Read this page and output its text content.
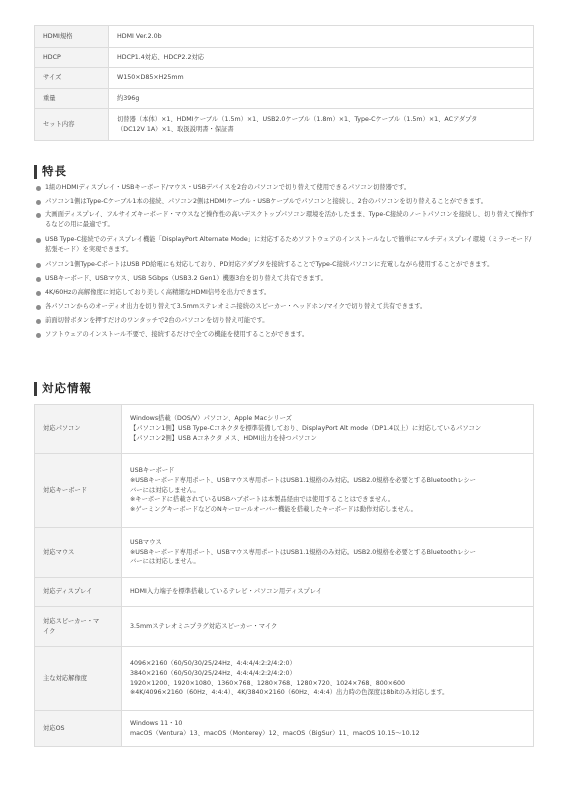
HDMI規格	HDMI Ver.2.0b

HDCP	HDCP1.4対応、HDCP2.2対応

サイズ	W150×D85×H25mm

重量	約396g

セット内容	切替器（本体）×1、HDMIケーブル（1.5m）×1、USB2.0ケーブル（1.8m）×1、Type-Cケーブル（1.5m）×1、ACアダプタ
（DC12V 1A）×1、取扱説明書・保証書
特長
1組のHDMIディスプレイ・USBキーボード/マウス・USBデバイスを2台のパソコンで切り替えて使用できるパソコン切替器です。
パソコン1側はType-Cケーブル1本の接続、パソコン2側はHDMIケーブル・USBケーブルでパソコンと接続し、2台のパソコンを切り替えることができます。
大画面ディスプレイ、フルサイズキーボード・マウスなど操作性の高いデスクトップパソコン環境を活かしたまま、Type-C接続のノートパソコンを接続し、切り替えて操作するなどの用に最適です。
USB Type-C接続でのディスプレイ機能「DisplayPort Alternate Mode」に対応するためソフトウェアのインストールなしで簡単にマルチディスプレイ環境（ミラーモード/拡張モード）を実現できます。
パソコン1側Type-CポートはUSB PD給電にも対応しており、PD対応アダプタを接続することでType-C接続パソコンに充電しながら使用することができます。
USBキーボード、USBマウス、USB 5Gbps（USB3.2 Gen1）機器3台を切り替えて共有できます。
4K/60Hzの高解像度に対応しており美しく高精細なHDMI信号を出力できます。
各パソコンからのオーディオ出力を切り替えて3.5mmステレオミニ接続のスピーカー・ヘッドホン/マイクで切り替えて共有できます。
前面切替ボタンを押すだけのワンタッチで2台のパソコンを切り替え可能です。
ソフトウェアのインストール不要で、接続するだけで全ての機能を使用することができます。
対応情報
対応パソコン	Windows搭載（DOS/V）パソコン、Apple Macシリーズ
【パソコン1側】USB Type-Cコネクタを標準装備しており、DisplayPort Alt mode（DP1.4以上）に対応しているパソコン
【パソコン2側】USB Aコネクタ メス、HDMI出力を持つパソコン

対応キーボード	USBキーボード
※USBキーボード専用ポート、USBマウス専用ポートはUSB1.1規格のみ対応。USB2.0規格を必要とするBluetoothレシー
バーには対応しません。
※キーボードに搭載されているUSBハブポートは本製品経由では使用することはできません。
※ゲーミングキーボードなどのNキーロールオーバー機能を搭載したキーボードは動作対応しません。

対応マウス	USBマウス
※USBキーボード専用ポート、USBマウス専用ポートはUSB1.1規格のみ対応。USB2.0規格を必要とするBluetoothレシー
バーには対応しません。

対応ディスプレイ	HDMI入力端子を標準搭載しているテレビ・パソコン用ディスプレイ

対応スピーカー・マ
イク	3.5mmステレオミニプラグ対応スピーカー・マイク

主な対応解像度	4096×2160（60/50/30/25/24Hz、4:4:4/4:2:2/4:2:0）
3840×2160（60/50/30/25/24Hz、4:4:4/4:2:2/4:2:0）
1920×1200、1920×1080、1360×768、1280×768、1280×720、1024×768、800×600
※4K/4096×2160（60Hz、4:4:4）、4K/3840×2160（60Hz、4:4:4）出力時の色深度は8bitのみ対応します。

対応OS	Windows 11・10
macOS（Ventura）13、macOS（Monterey）12、macOS（BigSur）11、macOS 10.15〜10.12
